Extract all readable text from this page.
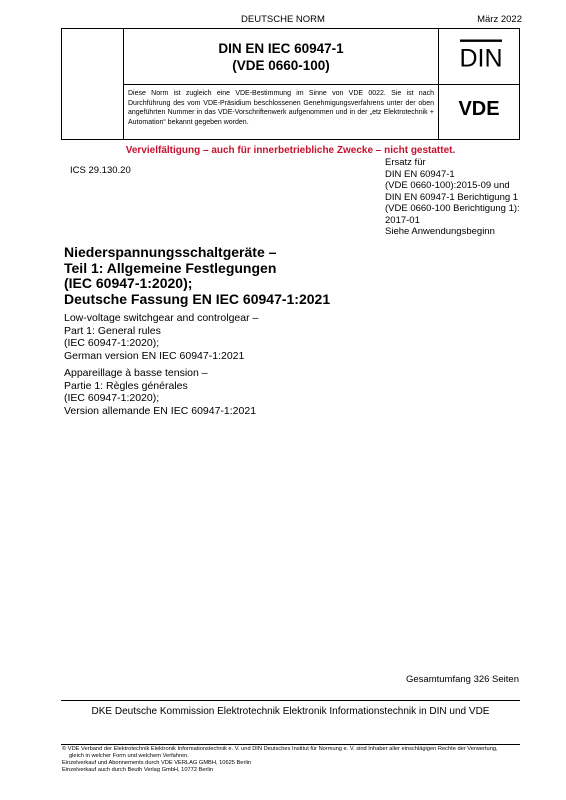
DEUTSCHE NORM	März 2022
DIN EN IEC 60947-1
(VDE 0660-100)
Diese Norm ist zugleich eine VDE-Bestimmung im Sinne von VDE 0022. Sie ist nach Durchführung des vom VDE-Präsidium beschlossenen Genehmigungsverfahrens unter der oben angeführten Nummer in das VDE-Vorschriftenwerk aufgenommen und in der „etz Elektrotechnik + Automation“ bekannt gegeben worden.
DIN
VDE
Vervielfältigung – auch für innerbetriebliche Zwecke – nicht gestattet.
ICS 29.130.20
Ersatz für
DIN EN 60947-1
(VDE 0660-100):2015-09 und
DIN EN 60947-1 Berichtigung 1
(VDE 0660-100 Berichtigung 1):
2017-01
Siehe Anwendungsbeginn
Niederspannungsschaltgeräte –
Teil 1: Allgemeine Festlegungen
(IEC 60947-1:2020);
Deutsche Fassung EN IEC 60947-1:2021
Low-voltage switchgear and controlgear –
Part 1: General rules
(IEC 60947-1:2020);
German version EN IEC 60947-1:2021
Appareillage à basse tension –
Partie 1: Règles générales
(IEC 60947-1:2020);
Version allemande EN IEC 60947-1:2021
Gesamtumfang 326 Seiten
DKE Deutsche Kommission Elektrotechnik Elektronik Informationstechnik in DIN und VDE
© VDE Verband der Elektrotechnik Elektronik Informationstechnik e. V. und DIN Deutsches Institut für Normung e. V. sind Inhaber aller einschlägigen Rechte der Verwertung,
gleich in welcher Form und welchem Verfahren.
Einzelverkauf und Abonnements durch VDE VERLAG GMBH, 10625 Berlin
Einzelverkauf auch durch Beuth Verlag GmbH, 10772 Berlin
